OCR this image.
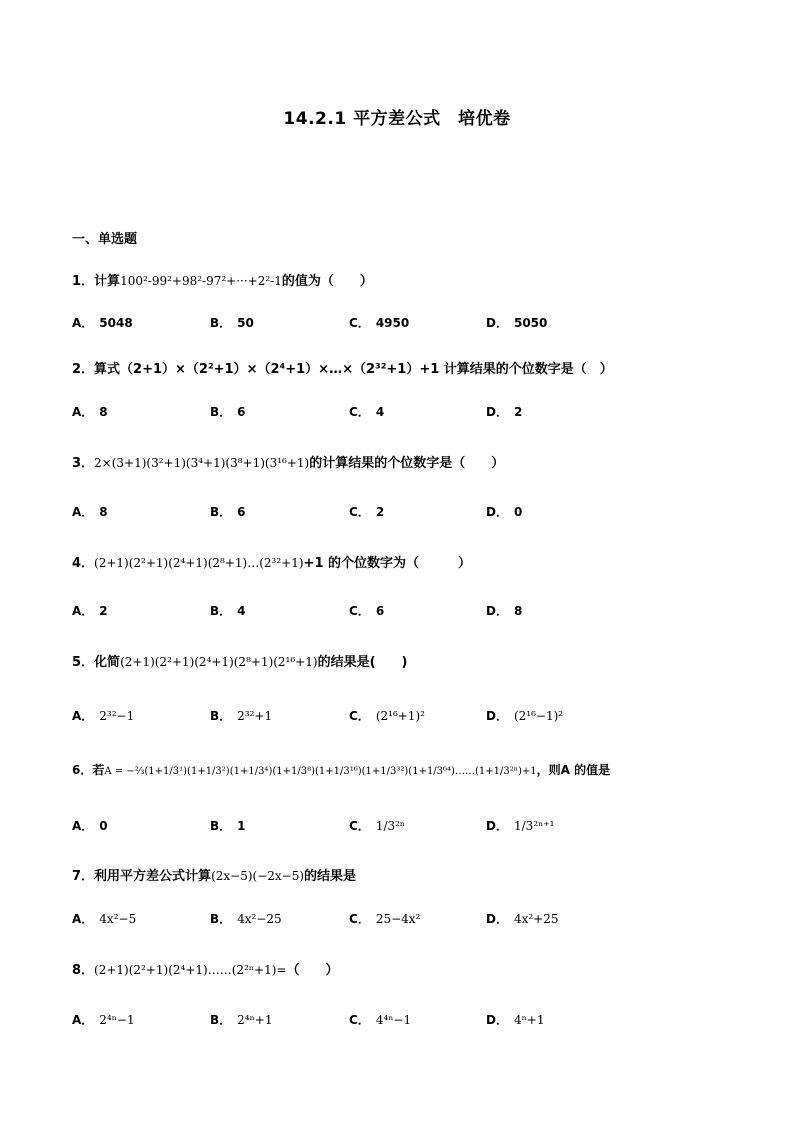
14.2.1 平方差公式　培优卷
一、单选题
1．计算100²-99²+98²-97²+···+2²-1的值为（　　）
A． 5048	B． 50	C． 4950	D． 5050
2．算式（2+1）×（2²+1）×（2⁴+1）×…×（2³²+1）+1 计算结果的个位数字是（　）
A． 8	B． 6	C． 4	D． 2
3．2×(3+1)(3²+1)(3⁴+1)(3⁸+1)(3¹⁶+1)的计算结果的个位数字是（　　）
A． 8	B． 6	C． 2	D． 0
4．(2+1)(2²+1)(2⁴+1)(2⁸+1)…(2³²+1)+1 的个位数字为（　　　）
A． 2	B． 4	C． 6	D． 8
5．化简(2+1)(2²+1)(2⁴+1)(2⁸+1)(2¹⁶+1)的结果是(　　)
A． 2³²−1	B． 2³²+1	C． (2¹⁶+1)²	D． (2¹⁶−1)²
6．若A = −⅔(1+1/3¹)(1+1/3²)(1+1/3⁴)(1+1/3⁸)(1+1/3¹⁶)(1+1/3³²)(1+1/3⁶⁴)……(1+1/3²ⁿ)+1，则A 的值是
A． 0	B． 1	C． 1/3²ⁿ	D． 1/3²ⁿ⁺¹
7．利用平方差公式计算(2x−5)(−2x−5)的结果是
A． 4x²−5	B． 4x²−25	C． 25−4x²	D． 4x²+25
8．(2+1)(2²+1)(2⁴+1)……(2²ⁿ+1)=（　　）
A． 2⁴ⁿ−1	B． 2⁴ⁿ+1	C． 4⁴ⁿ−1	D． 4ⁿ+1
